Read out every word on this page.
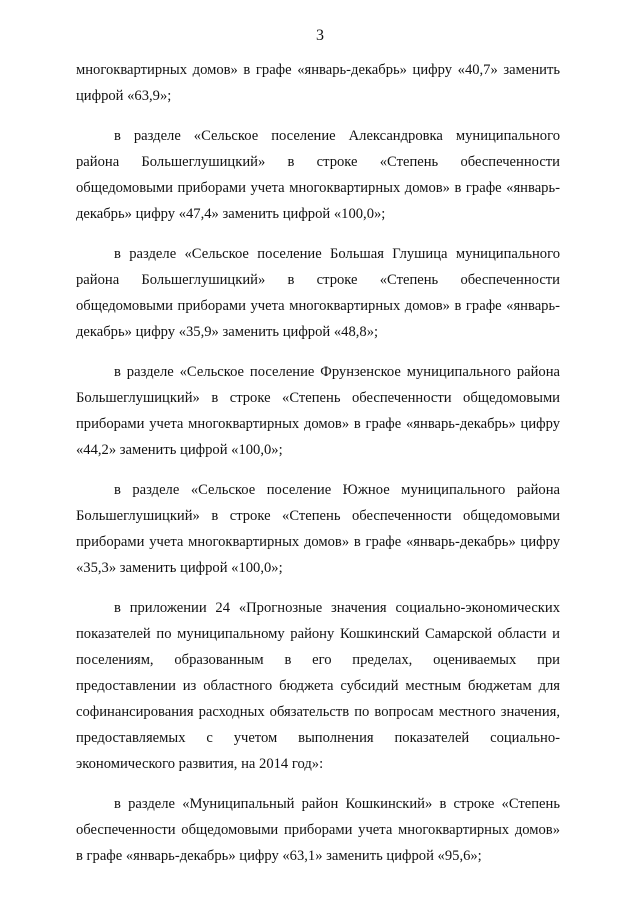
3

многоквартирных домов» в графе «январь-декабрь» цифру «40,7» заменить цифрой «63,9»;

в разделе «Сельское поселение Александровка муниципального района Большеглушицкий» в строке «Степень обеспеченности общедомовыми приборами учета многоквартирных домов» в графе «январь-декабрь» цифру «47,4» заменить цифрой «100,0»;

в разделе «Сельское поселение Большая Глушица муниципального района Большеглушицкий» в строке «Степень обеспеченности общедомовыми приборами учета многоквартирных домов» в графе «январь-декабрь» цифру «35,9» заменить цифрой «48,8»;

в разделе «Сельское поселение Фрунзенское муниципального района Большеглушицкий» в строке «Степень обеспеченности общедомовыми приборами учета многоквартирных домов» в графе «январь-декабрь» цифру «44,2» заменить цифрой «100,0»;

в разделе «Сельское поселение Южное муниципального района Большеглушицкий» в строке «Степень обеспеченности общедомовыми приборами учета многоквартирных домов» в графе «январь-декабрь» цифру «35,3» заменить цифрой «100,0»;

в приложении 24 «Прогнозные значения социально-экономических показателей по муниципальному району Кошкинский Самарской области и поселениям, образованным в его пределах, оцениваемых при предоставлении из областного бюджета субсидий местным бюджетам для софинансирования расходных обязательств по вопросам местного значения, предоставляемых с учетом выполнения показателей социально-экономического развития, на 2014 год»:

в разделе «Муниципальный район Кошкинский» в строке «Степень обеспеченности общедомовыми приборами учета многоквартирных домов» в графе «январь-декабрь» цифру «63,1» заменить цифрой «95,6»;
